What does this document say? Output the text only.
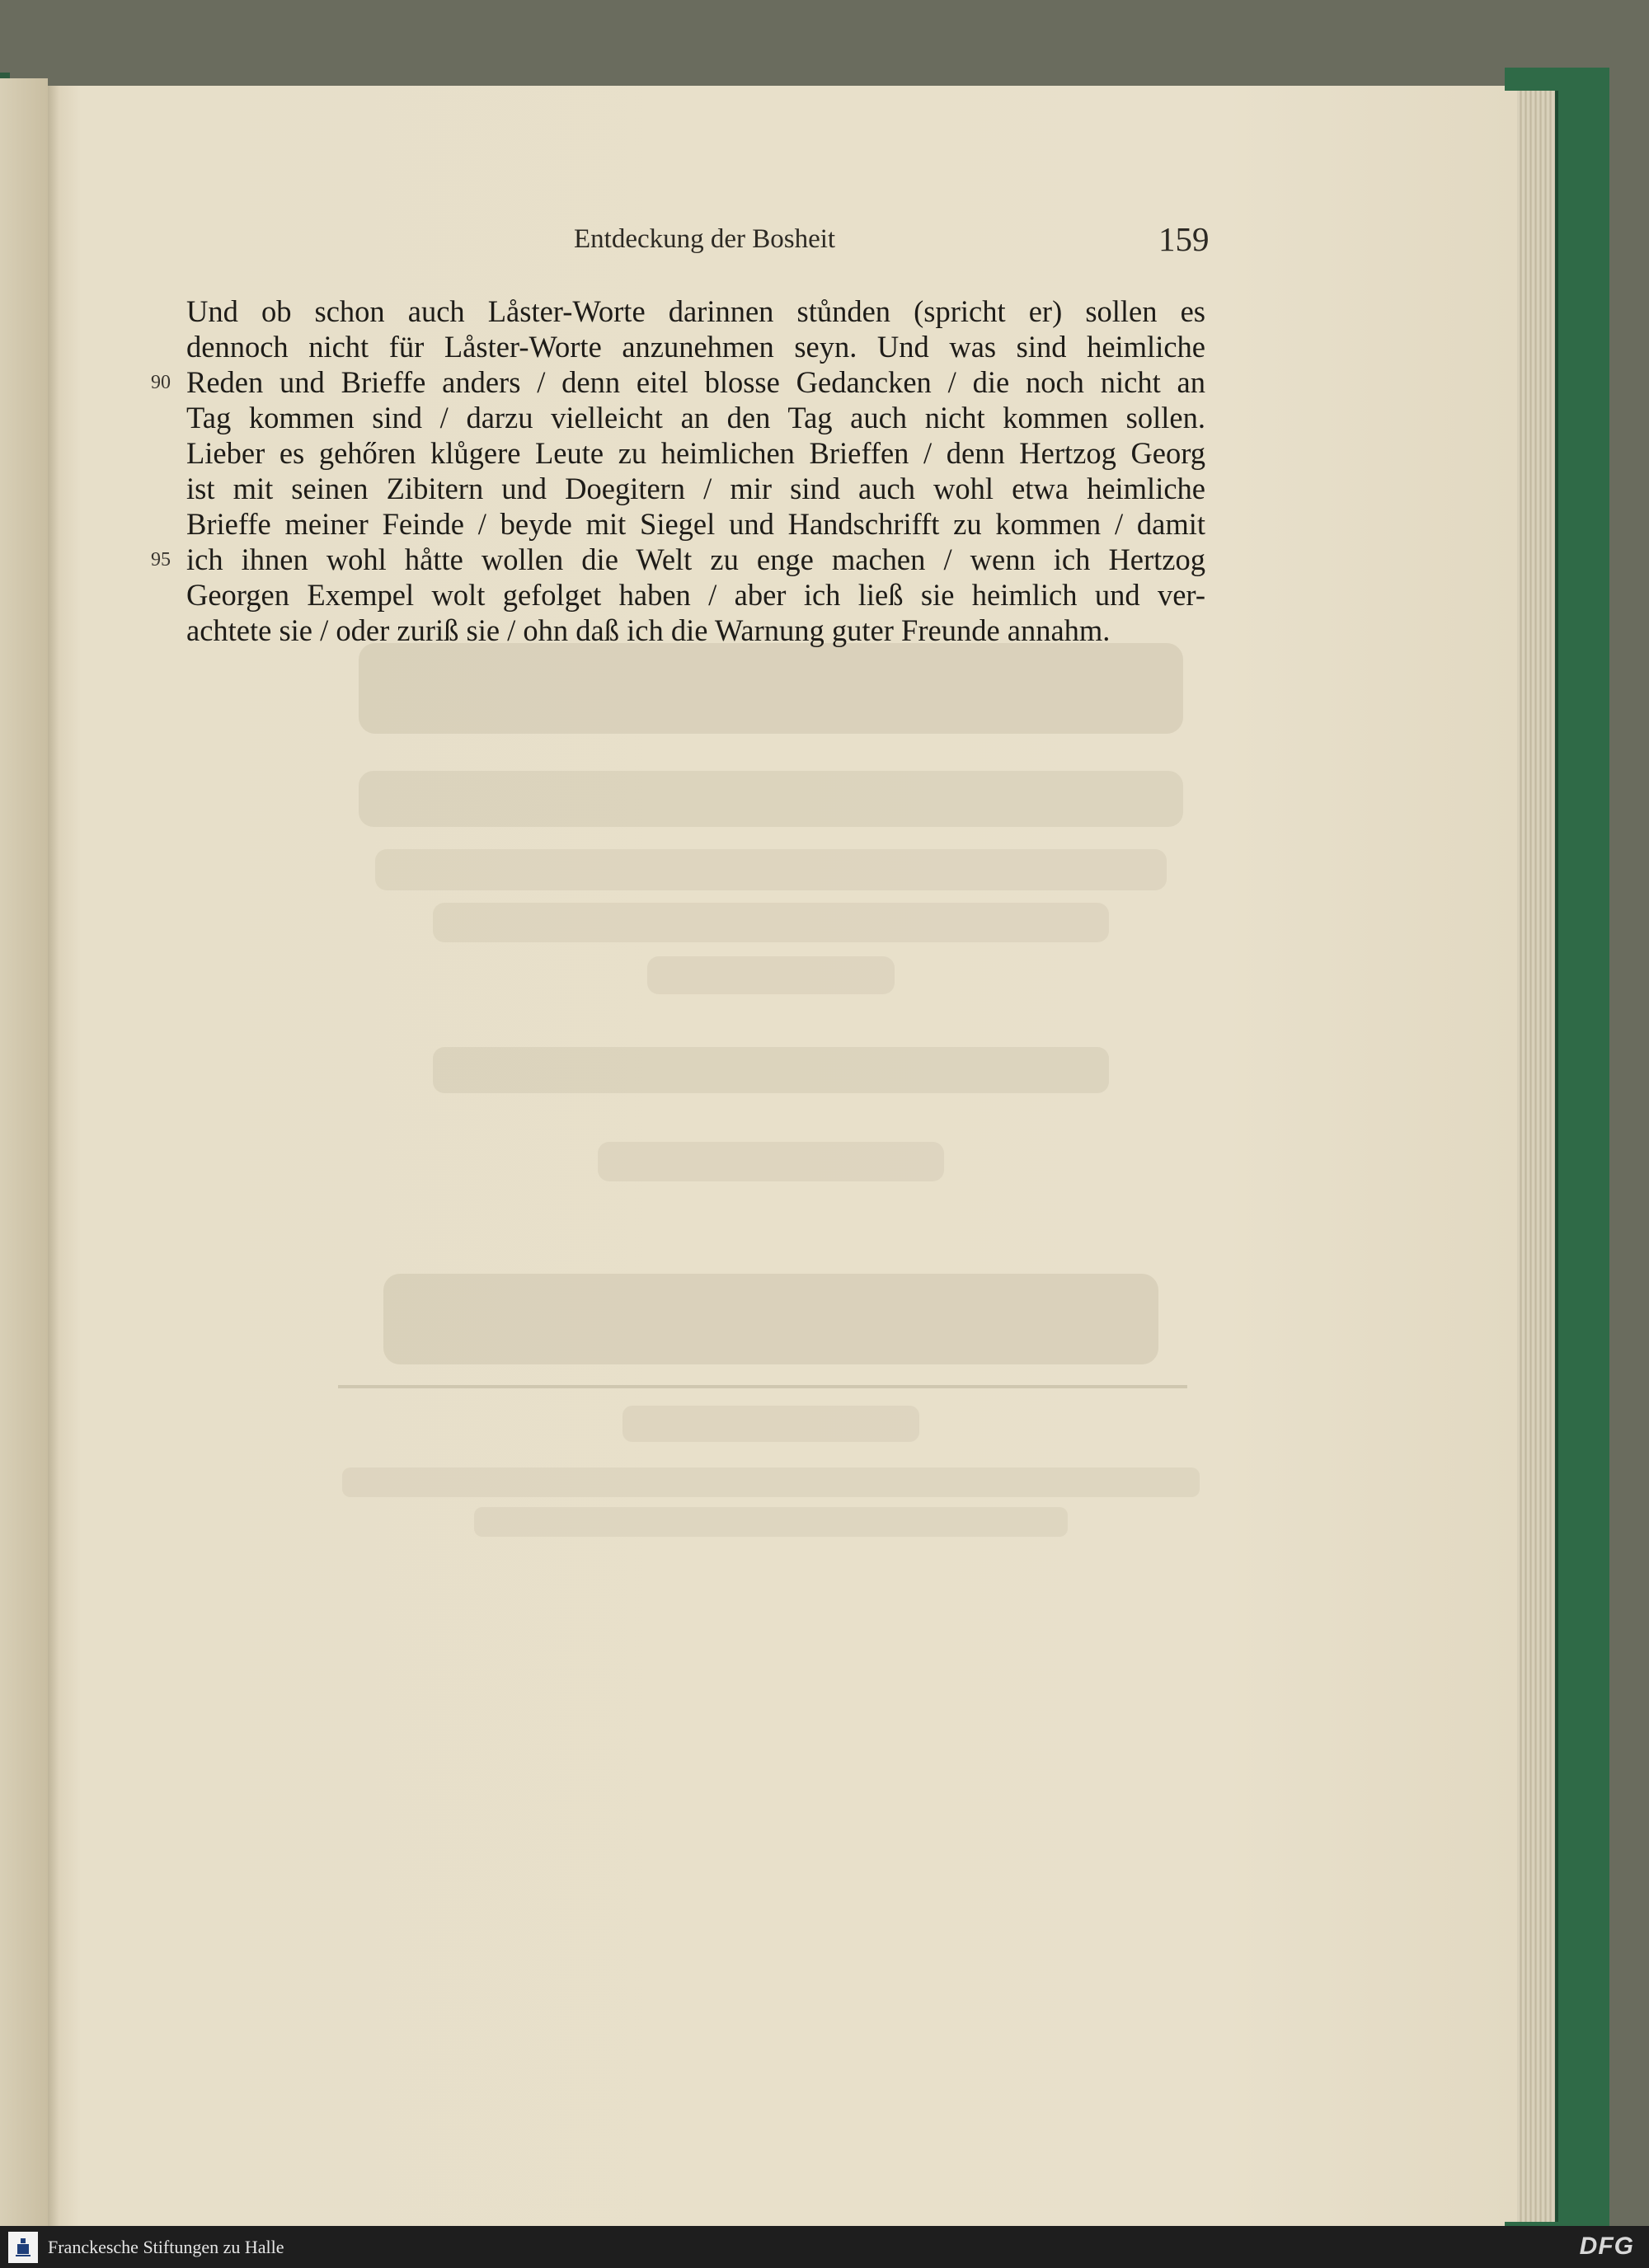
Entdeckung der Bosheit	159
Und ob schon auch Låster-Worte darinnen stůnden (spricht er) sollen es
dennoch nicht für Låster-Worte anzunehmen seyn. Und was sind heimliche
90 Reden und Brieffe anders / denn eitel blosse Gedancken / die noch nicht an
Tag kommen sind / darzu vielleicht an den Tag auch nicht kommen sollen.
Lieber es gehőren klůgere Leute zu heimlichen Brieffen / denn Hertzog Georg
ist mit seinen Zibitern und Doegitern / mir sind auch wohl etwa heimliche
Brieffe meiner Feinde / beyde mit Siegel und Handschrifft zu kommen / damit
95 ich ihnen wohl håtte wollen die Welt zu enge machen / wenn ich Hertzog
Georgen Exempel wolt gefolget haben / aber ich ließ sie heimlich und ver-
achtete sie / oder zuriß sie / ohn daß ich die Warnung guter Freunde annahm.
Franckesche Stiftungen zu Halle	DFG
